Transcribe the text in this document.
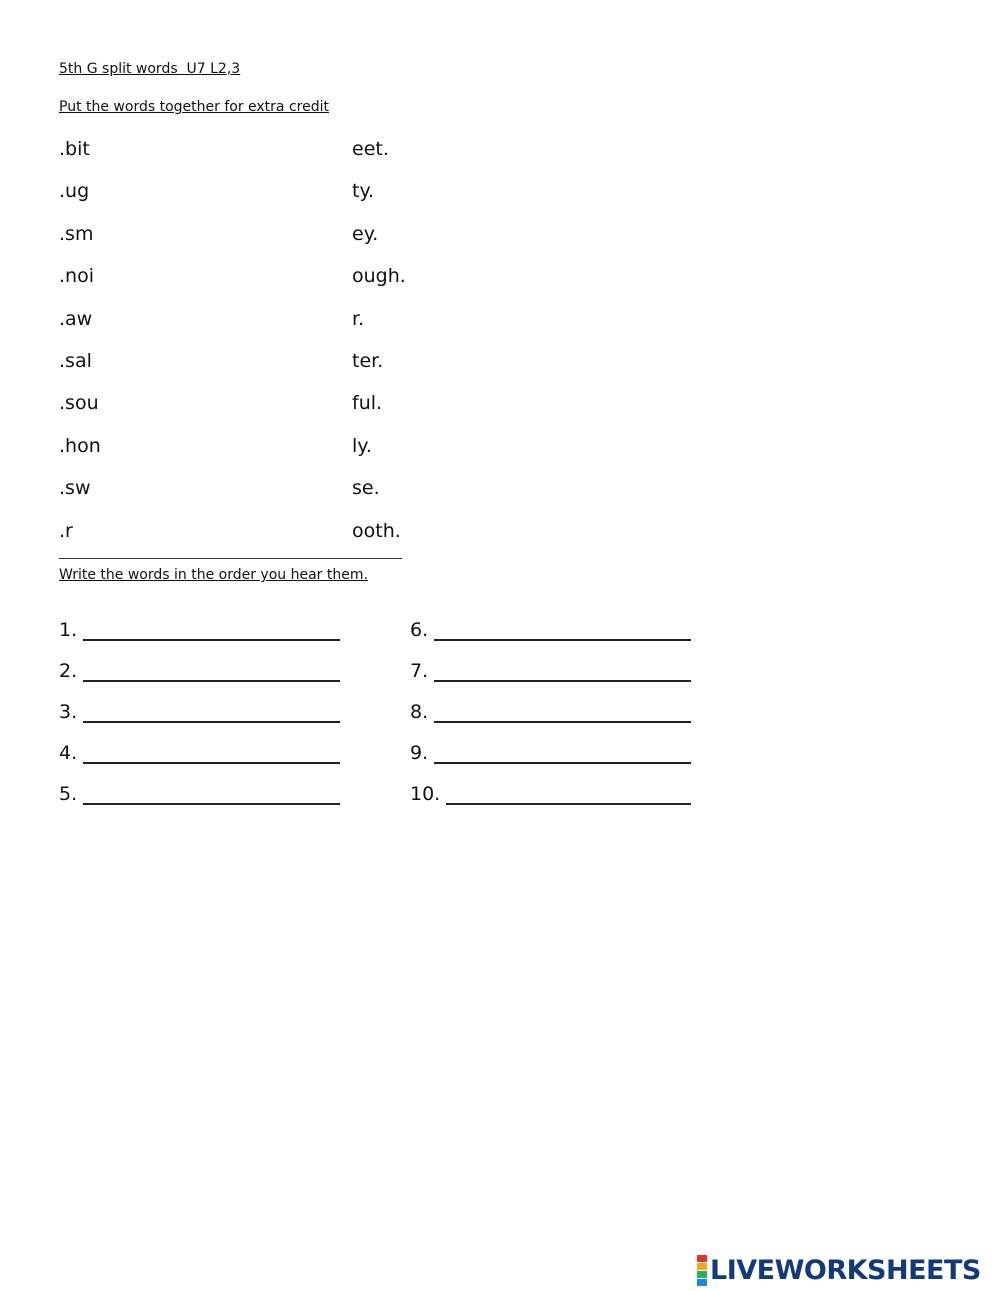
5th G split words  U7 L2,3
Put the words together for extra credit
.bit	eet.
.ug	ty.
.sm	ey.
.noi	ough.
.aw	r.
.sal	ter.
.sou	ful.
.hon	ly.
.sw	se.
.r	ooth.
Write the words in the order you hear them.
1.
2.
3.
4.
5.
6.
7.
8.
9.
10.
LIVEWORKSHEETS
